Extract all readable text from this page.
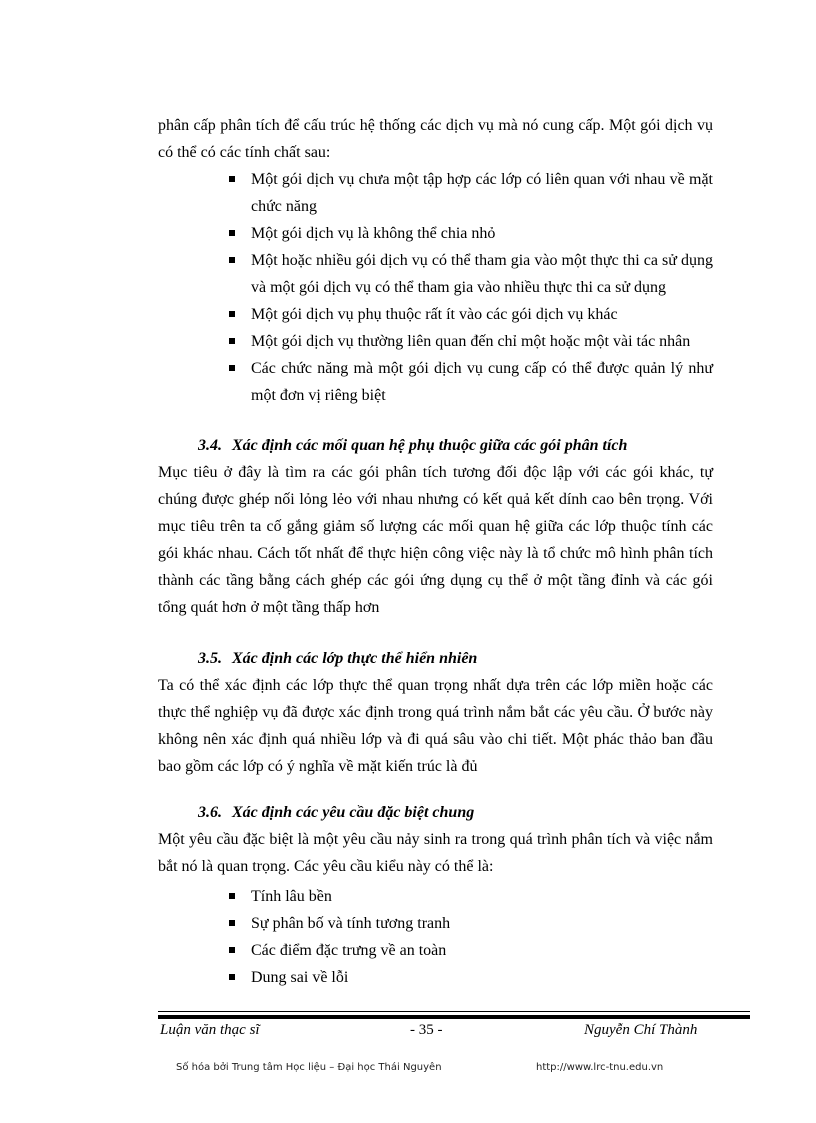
phân cấp phân tích để cấu trúc hệ thống các dịch vụ mà nó cung cấp. Một gói dịch vụ có thể có các tính chất sau:
Một gói dịch vụ chưa một tập hợp các lớp có liên quan với nhau về mặt chức năng
Một gói dịch vụ là không thể chia nhỏ
Một hoặc nhiều gói dịch vụ có thể tham gia vào một thực thi ca sử dụng và một gói dịch vụ có thể tham gia vào nhiều thực thi ca sử dụng
Một gói dịch vụ phụ thuộc rất ít vào các gói dịch vụ khác
Một gói dịch vụ thường liên quan đến chỉ một hoặc một vài tác nhân
Các chức năng mà một gói dịch vụ cung cấp có thể được quản lý như một đơn vị riêng biệt
3.4. Xác định các mối quan hệ phụ thuộc giữa các gói phân tích
Mục tiêu ở đây là tìm ra các gói phân tích tương đối độc lập với các gói khác, tự chúng được ghép nối lỏng lẻo với nhau nhưng có kết quả kết dính cao bên trọng. Với mục tiêu trên ta cố gắng giảm số lượng các mối quan hệ giữa các lớp thuộc tính các gói khác nhau. Cách tốt nhất để thực hiện công việc này là tổ chức mô hình phân tích thành các tầng bằng cách ghép các gói ứng dụng cụ thể ở một tầng đỉnh và các gói tổng quát hơn ở một tầng thấp hơn
3.5. Xác định các lớp thực thể hiển nhiên
Ta có thể xác định các lớp thực thể quan trọng nhất dựa trên các lớp miền hoặc các thực thể nghiệp vụ đã được xác định trong quá trình nắm bắt các yêu cầu. Ở bước này không nên xác định quá nhiều lớp và đi quá sâu vào chi tiết. Một phác thảo ban đầu bao gồm các lớp có ý nghĩa về mặt kiến trúc là đủ
3.6. Xác định các yêu cầu đặc biệt chung
Một yêu cầu đặc biệt là một yêu cầu nảy sinh ra trong quá trình phân tích và việc nắm bắt nó là quan trọng. Các yêu cầu kiểu này có thể là:
Tính lâu bền
Sự phân bố và tính tương tranh
Các điểm đặc trưng về an toàn
Dung sai về lỗi
Luận văn thạc sĩ	- 35 -	Nguyễn Chí Thành
Số hóa bởi Trung tâm Học liệu – Đại học Thái Nguyên	http://www.lrc-tnu.edu.vn
